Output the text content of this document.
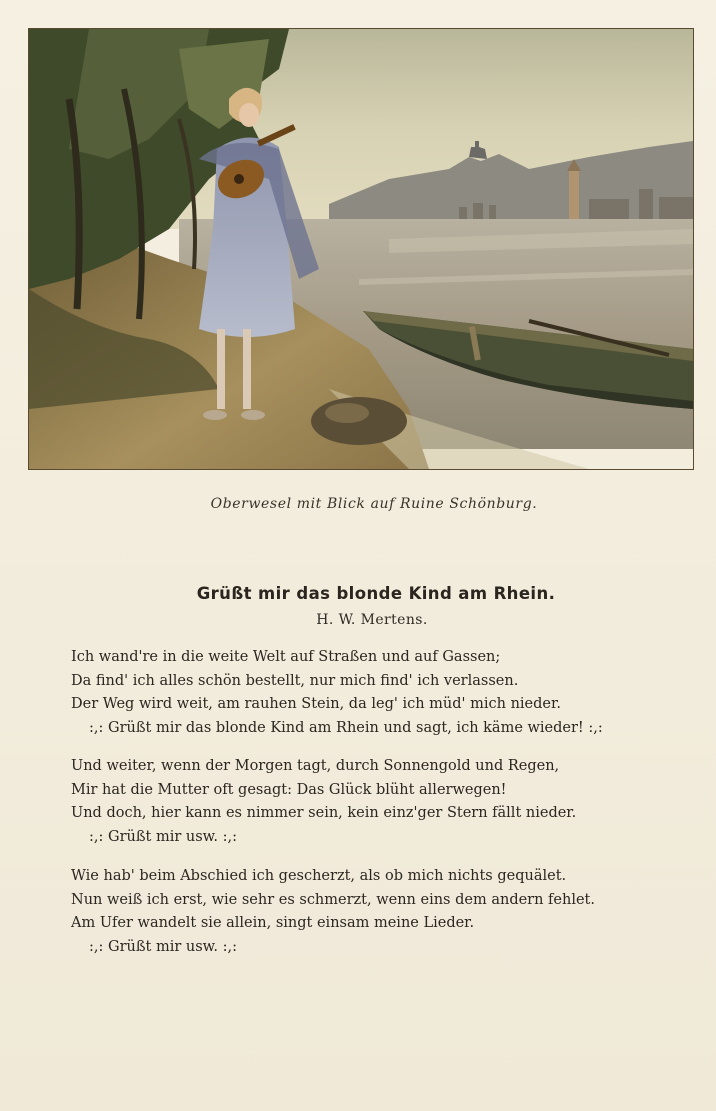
Oberwesel mit Blick auf Ruine Schönburg.
Grüßt mir das blonde Kind am Rhein.
H. W. Mertens.
Ich wand're in die weite Welt auf Straßen und auf Gassen;
Da find' ich alles schön bestellt, nur mich find' ich verlassen.
Der Weg wird weit, am rauhen Stein, da leg' ich müd' mich nieder.
:,: Grüßt mir das blonde Kind am Rhein und sagt, ich käme wieder! :,:
Und weiter, wenn der Morgen tagt, durch Sonnengold und Regen,
Mir hat die Mutter oft gesagt: Das Glück blüht allerwegen!
Und doch, hier kann es nimmer sein, kein einz'ger Stern fällt nieder.
:,: Grüßt mir usw. :,:
Wie hab' beim Abschied ich gescherzt, als ob mich nichts gequälet.
Nun weiß ich erst, wie sehr es schmerzt, wenn eins dem andern fehlet.
Am Ufer wandelt sie allein, singt einsam meine Lieder.
:,: Grüßt mir usw. :,:
